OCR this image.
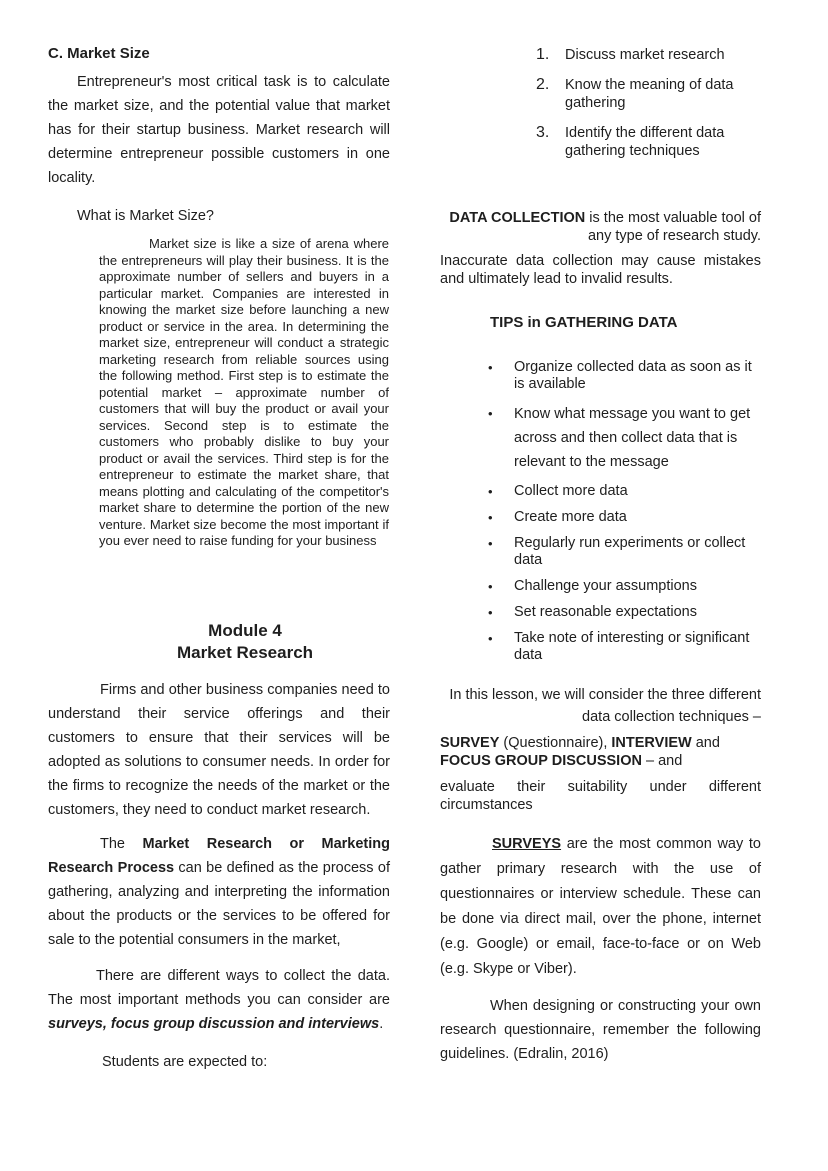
C. Market Size
Entrepreneur's most critical task is to calculate the market size, and the potential value that market has for their startup business. Market research will determine entrepreneur possible customers in one locality.
What is Market Size?
Market size is like a size of arena where the entrepreneurs will play their business. It is the approximate number of sellers and buyers in a particular market. Companies are interested in knowing the market size before launching a new product or service in the area. In determining the market size, entrepreneur will conduct a strategic marketing research from reliable sources using the following method. First step is to estimate the potential market – approximate number of customers that will buy the product or avail your services. Second step is to estimate the customers who probably dislike to buy your product or avail the services. Third step is for the entrepreneur to estimate the market share, that means plotting and calculating of the competitor's market share to determine the portion of the new venture. Market size become the most important if you ever need to raise funding for your business
Module 4
Market Research
Firms and other business companies need to understand their service offerings and their customers to ensure that their services will be adopted as solutions to consumer needs. In order for the firms to recognize the needs of the market or the customers, they need to conduct market research.
The Market Research or Marketing Research Process can be defined as the process of gathering, analyzing and interpreting the information about the products or the services to be offered for sale to the potential consumers in the market,
There are different ways to collect the data. The most important methods you can consider are surveys, focus group discussion and interviews.
Students are expected to:
1.	Discuss market research
2.	Know the meaning of data gathering
3.	Identify the different data gathering techniques
DATA COLLECTION is the most valuable tool of any type of research study.
Inaccurate data collection may cause mistakes and ultimately lead to invalid results.
TIPS in GATHERING DATA
•	Organize collected data as soon as it is available
•	Know what message you want to get across and then collect data that is relevant to the message
•	Collect more data
•	Create more data
•	Regularly run experiments or collect data
•	Challenge your assumptions
•	Set reasonable expectations
•	Take note of interesting or significant data
In this lesson, we will consider the three different data collection techniques –
SURVEY (Questionnaire), INTERVIEW and FOCUS GROUP DISCUSSION – and
evaluate their suitability under different circumstances
SURVEYS are the most common way to gather primary research with the use of questionnaires or interview schedule. These can be done via direct mail, over the phone, internet (e.g. Google) or email, face-to-face or on Web (e.g. Skype or Viber).
When designing or constructing your own research questionnaire, remember the following guidelines. (Edralin, 2016)
